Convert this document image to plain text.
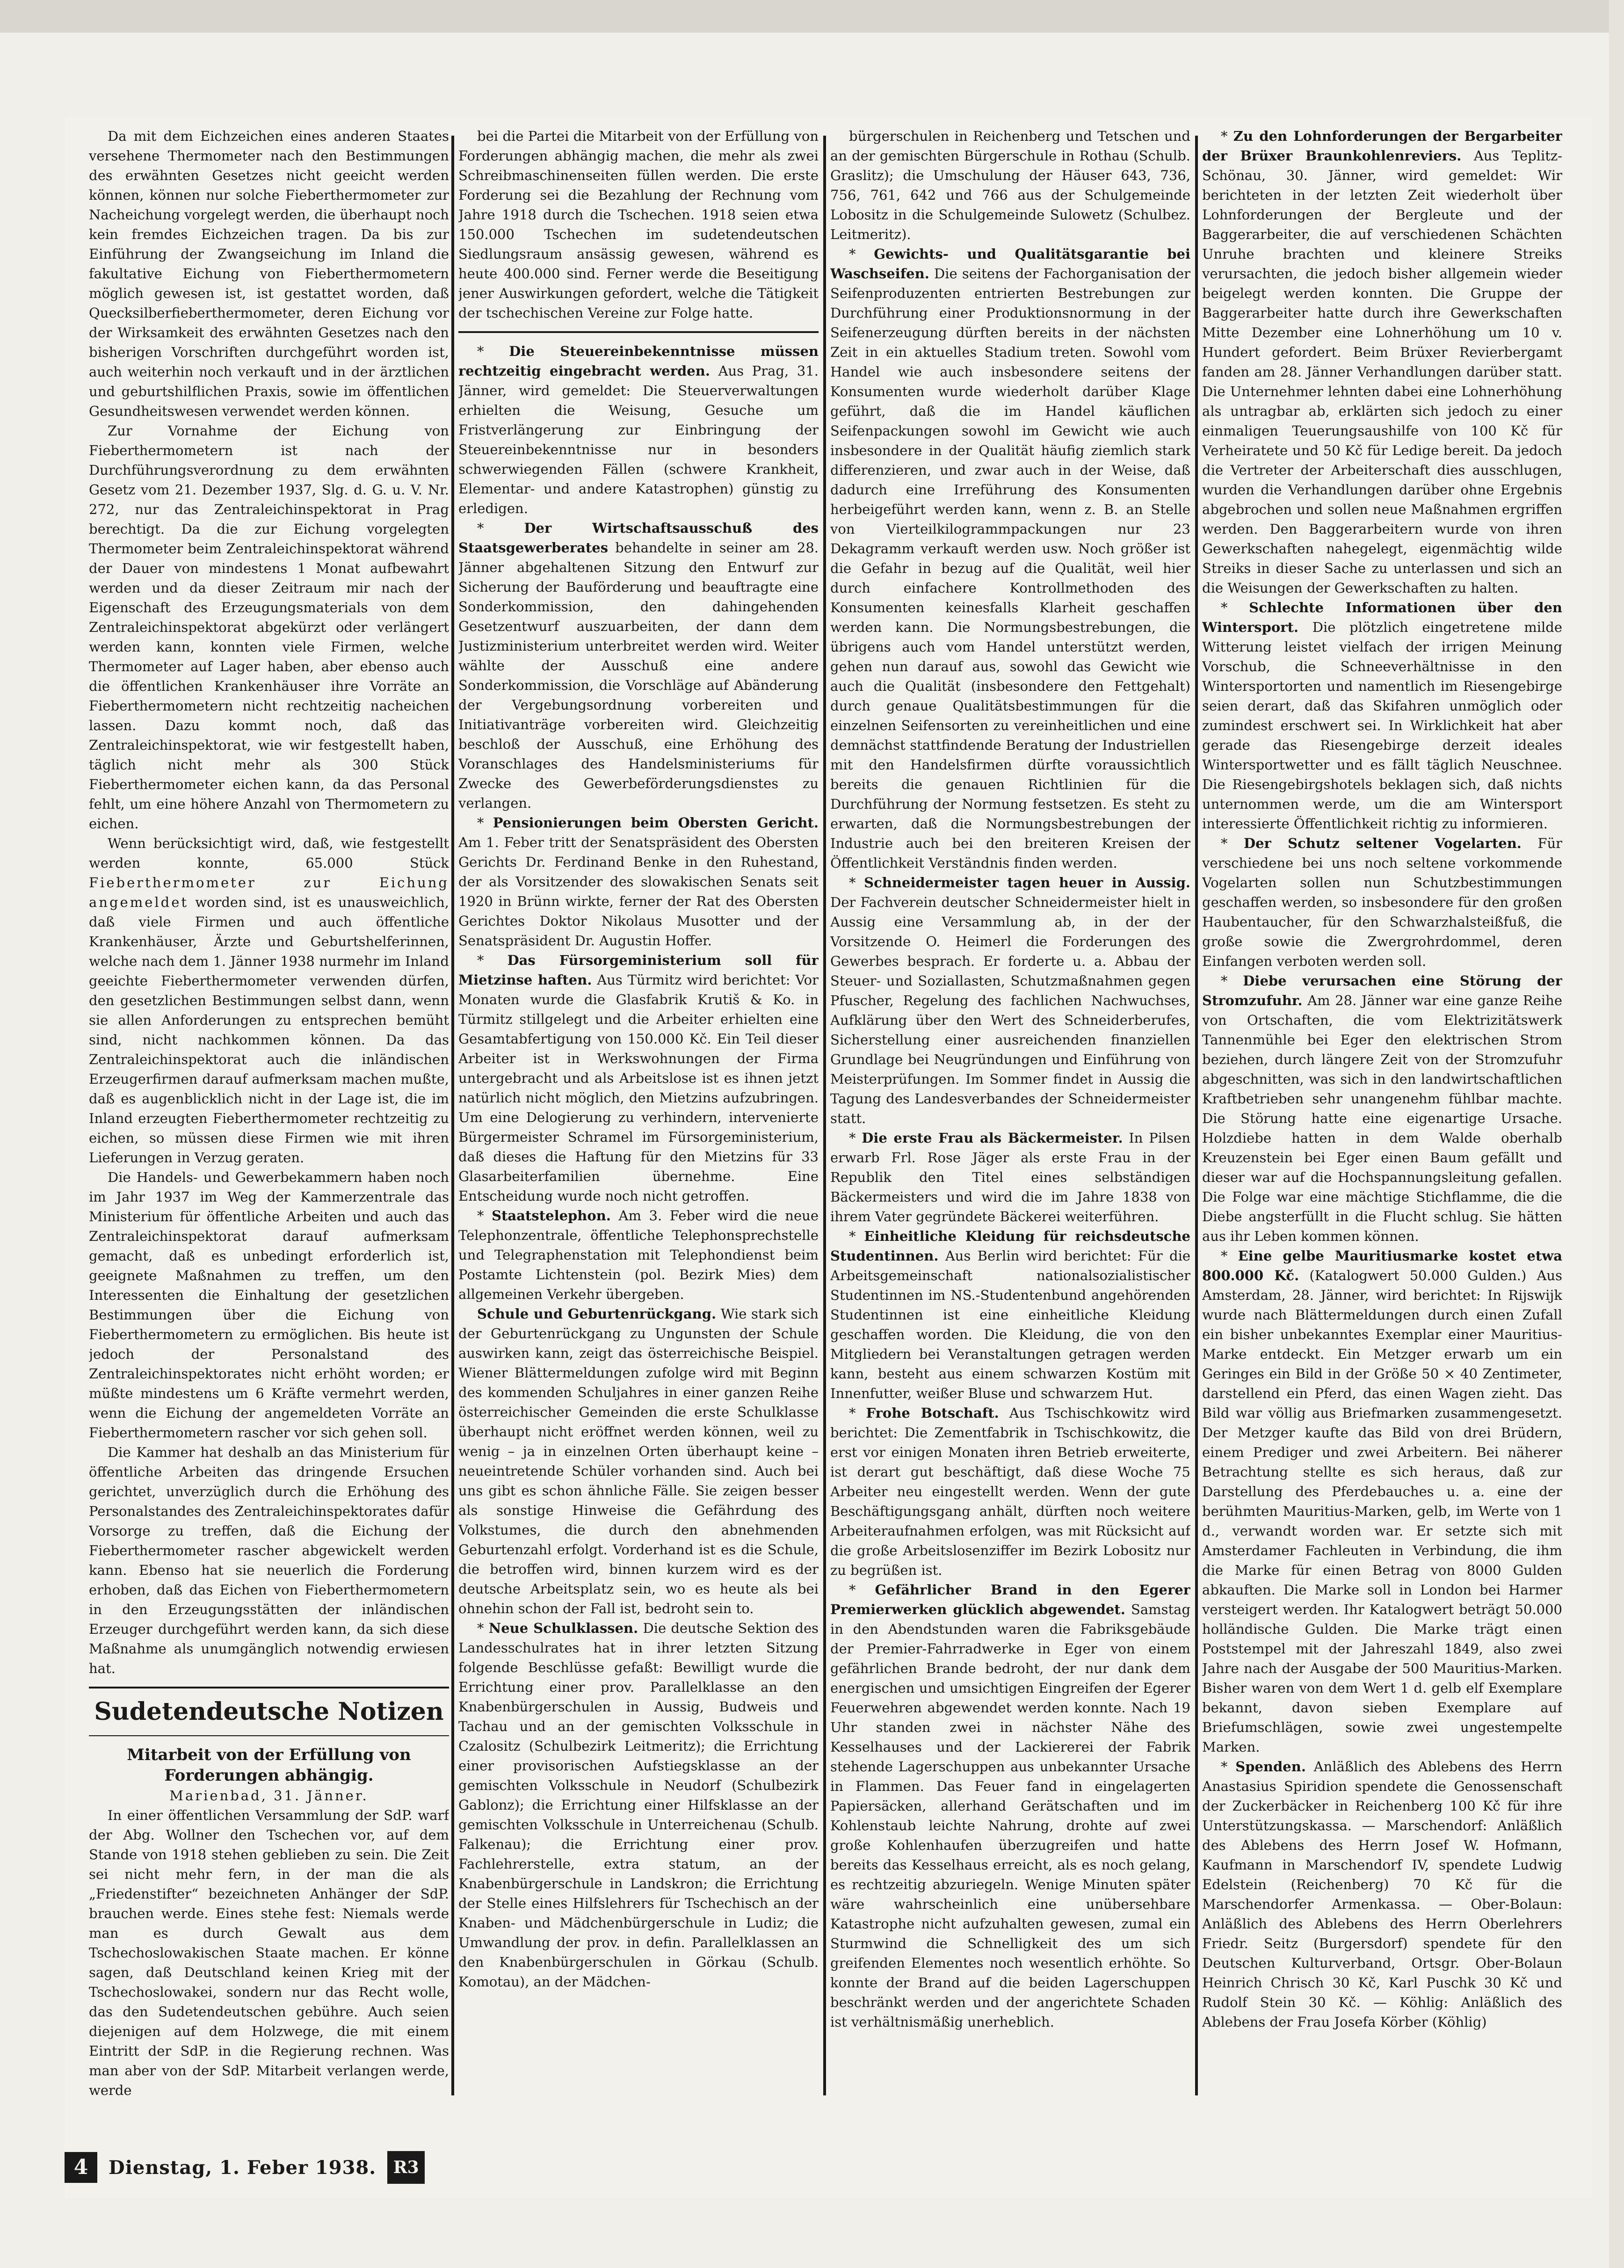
Da mit dem Eichzeichen eines anderen Staates versehene Thermometer nach den Bestimmungen des erwähnten Gesetzes nicht geeicht werden können, können nur solche Fieberthermometer zur Nacheichung vorgelegt werden, die überhaupt noch kein fremdes Eichzeichen tragen. Da bis zur Einführung der Zwangseichung im Inland die fakultative Eichung von Fieberthermometern möglich gewesen ist, ist gestattet worden, daß Quecksilberfieberthermometer, deren Eichung vor der Wirksamkeit des erwähnten Gesetzes nach den bisherigen Vorschriften durchgeführt worden ist, auch weiterhin noch verkauft und in der ärztlichen und geburtshilflichen Praxis, sowie im öffentlichen Gesundheitswesen verwendet werden können.

Zur Vornahme der Eichung von Fieberthermometern ist nach der Durchführungsverordnung zu dem erwähnten Gesetz vom 21. Dezember 1937, Slg. d. G. u. V. Nr. 272, nur das Zentraleichinspektorat in Prag berechtigt. Da die zur Eichung vorgelegten Thermometer beim Zentraleichinspektorat während der Dauer von mindestens 1 Monat aufbewahrt werden und da dieser Zeitraum mir nach der Eigenschaft des Erzeugungsmaterials von dem Zentraleichinspektorat abgekürzt oder verlängert werden kann, konnten viele Firmen, welche Thermometer auf Lager haben, aber ebenso auch die öffentlichen Krankenhäuser ihre Vorräte an Fieberthermometern nicht rechtzeitig nacheichen lassen. Dazu kommt noch, daß das Zentraleichinspektorat, wie wir festgestellt haben, täglich nicht mehr als 300 Stück Fieberthermometer eichen kann, da das Personal fehlt, um eine höhere Anzahl von Thermometern zu eichen.

Wenn berücksichtigt wird, daß, wie festgestellt werden konnte, 65.000 Stück Fieberthermometer zur Eichung angemeldet worden sind, ist es unausweichlich, daß viele Firmen und auch öffentliche Krankenhäuser, Ärzte und Geburtshelferinnen, welche nach dem 1. Jänner 1938 nurmehr im Inland geeichte Fieberthermometer verwenden dürfen, den gesetzlichen Bestimmungen selbst dann, wenn sie allen Anforderungen zu entsprechen bemüht sind, nicht nachkommen können. Da das Zentraleichinspektorat auch die inländischen Erzeugerfirmen darauf aufmerksam machen mußte, daß es augenblicklich nicht in der Lage ist, die im Inland erzeugten Fieberthermometer rechtzeitig zu eichen, so müssen diese Firmen wie mit ihren Lieferungen in Verzug geraten.

Die Handels- und Gewerbekammern haben noch im Jahr 1937 im Weg der Kammerzentrale das Ministerium für öffentliche Arbeiten und auch das Zentraleichinspektorat darauf aufmerksam gemacht, daß es unbedingt erforderlich ist, geeignete Maßnahmen zu treffen, um den Interessenten die Einhaltung der gesetzlichen Bestimmungen über die Eichung von Fieberthermometern zu ermöglichen. Bis heute ist jedoch der Personalstand des Zentraleichinspektorates nicht erhöht worden; er müßte mindestens um 6 Kräfte vermehrt werden, wenn die Eichung der angemeldeten Vorräte an Fieberthermometern rascher vor sich gehen soll.

Die Kammer hat deshalb an das Ministerium für öffentliche Arbeiten das dringende Ersuchen gerichtet, unverzüglich durch die Erhöhung des Personalstandes des Zentraleichinspektorates dafür Vorsorge zu treffen, daß die Eichung der Fieberthermometer rascher abgewickelt werden kann. Ebenso hat sie neuerlich die Forderung erhoben, daß das Eichen von Fieberthermometern in den Erzeugungsstätten der inländischen Erzeuger durchgeführt werden kann, da sich diese Maßnahme als unumgänglich notwendig erwiesen hat.

Sudetendeutsche Notizen

Mitarbeit von der Erfüllung von Forderungen abhängig.

Marienbad, 31. Jänner.

In einer öffentlichen Versammlung der SdP. warf der Abg. Wollner den Tschechen vor, auf dem Stande von 1918 stehen geblieben zu sein. Die Zeit sei nicht mehr fern, in der man die als „Friedenstifter“ bezeichneten Anhänger der SdP. brauchen werde. Eines stehe fest: Niemals werde man es durch Gewalt aus dem Tschechoslowakischen Staate machen. Er könne sagen, daß Deutschland keinen Krieg mit der Tschechoslowakei, sondern nur das Recht wolle, das den Sudetendeutschen gebühre. Auch seien diejenigen auf dem Holzwege, die mit einem Eintritt der SdP. in die Regierung rechnen. Was man aber von der SdP. Mitarbeit verlangen werde, werde

bei die Partei die Mitarbeit von der Erfüllung von Forderungen abhängig machen, die mehr als zwei Schreibmaschinenseiten füllen werden. Die erste Forderung sei die Bezahlung der Rechnung vom Jahre 1918 durch die Tschechen. 1918 seien etwa 150.000 Tschechen im sudetendeutschen Siedlungsraum ansässig gewesen, während es heute 400.000 sind. Ferner werde die Beseitigung jener Auswirkungen gefordert, welche die Tätigkeit der tschechischen Vereine zur Folge hatte.

* Die Steuereinbekenntnisse müssen rechtzeitig eingebracht werden. Aus Prag, 31. Jänner, wird gemeldet: Die Steuerverwaltungen erhielten die Weisung, Gesuche um Fristverlängerung zur Einbringung der Steuereinbekenntnisse nur in besonders schwerwiegenden Fällen (schwere Krankheit, Elementar- und andere Katastrophen) günstig zu erledigen.

* Der Wirtschaftsausschuß des Staatsgewerberates behandelte in seiner am 28. Jänner abgehaltenen Sitzung den Entwurf zur Sicherung der Bauförderung und beauftragte eine Sonderkommission, den dahingehenden Gesetzentwurf auszuarbeiten, der dann dem Justizministerium unterbreitet werden wird. Weiter wählte der Ausschuß eine andere Sonderkommission, die Vorschläge auf Abänderung der Vergebungsordnung vorbereiten und Initiativanträge vorbereiten wird. Gleichzeitig beschloß der Ausschuß, eine Erhöhung des Voranschlages des Handelsministeriums für Zwecke des Gewerbeförderungsdienstes zu verlangen.

* Pensionierungen beim Obersten Gericht. Am 1. Feber tritt der Senatspräsident des Obersten Gerichts Dr. Ferdinand Benke in den Ruhestand, der als Vorsitzender des slowakischen Senats seit 1920 in Brünn wirkte, ferner der Rat des Obersten Gerichtes Doktor Nikolaus Musotter und der Senatspräsident Dr. Augustin Hoffer.

* Das Fürsorgeministerium soll für Mietzinse haften. Aus Türmitz wird berichtet: Vor Monaten wurde die Glasfabrik Krutiš & Ko. in Türmitz stillgelegt und die Arbeiter erhielten eine Gesamtabfertigung von 150.000 Kč. Ein Teil dieser Arbeiter ist in Werkswohnungen der Firma untergebracht und als Arbeitslose ist es ihnen jetzt natürlich nicht möglich, den Mietzins aufzubringen. Um eine Delogierung zu verhindern, intervenierte Bürgermeister Schramel im Fürsorgeministerium, daß dieses die Haftung für den Mietzins für 33 Glasarbeiterfamilien übernehme. Eine Entscheidung wurde noch nicht getroffen.

* Staatstelephon. Am 3. Feber wird die neue Telephonzentrale, öffentliche Telephonsprechstelle und Telegraphenstation mit Telephondienst beim Postamte Lichtenstein (pol. Bezirk Mies) dem allgemeinen Verkehr übergeben.

Schule und Geburtenrückgang. Wie stark sich der Geburtenrückgang zu Ungunsten der Schule auswirken kann, zeigt das österreichische Beispiel. Wiener Blättermeldungen zufolge wird mit Beginn des kommenden Schuljahres in einer ganzen Reihe österreichischer Gemeinden die erste Schulklasse überhaupt nicht eröffnet werden können, weil zu wenig – ja in einzelnen Orten überhaupt keine – neueintretende Schüler vorhanden sind. Auch bei uns gibt es schon ähnliche Fälle. Sie zeigen besser als sonstige Hinweise die Gefährdung des Volkstumes, die durch den abnehmenden Geburtenzahl erfolgt. Vorderhand ist es die Schule, die betroffen wird, binnen kurzem wird es der deutsche Arbeitsplatz sein, wo es heute als bei ohnehin schon der Fall ist, bedroht sein to.

* Neue Schulklassen. Die deutsche Sektion des Landesschulrates hat in ihrer letzten Sitzung folgende Beschlüsse gefaßt: Bewilligt wurde die Errichtung einer prov. Parallelklasse an den Knabenbürgerschulen in Aussig, Budweis und Tachau und an der gemischten Volksschule in Czalositz (Schulbezirk Leitmeritz); die Errichtung einer provisorischen Aufstiegsklasse an der gemischten Volksschule in Neudorf (Schulbezirk Gablonz); die Errichtung einer Hilfsklasse an der gemischten Volksschule in Unterreichenau (Schulb. Falkenau); die Errichtung einer prov. Fachlehrerstelle, extra statum, an der Knabenbürgerschule in Landskron; die Errichtung der Stelle eines Hilfslehrers für Tschechisch an der Knaben- und Mädchenbürgerschule in Ludiz; die Umwandlung der prov. in defin. Parallelklassen an den Knabenbürgerschulen in Görkau (Schulb. Komotau), an der Mädchen-

bürgerschulen in Reichenberg und Tetschen und an der gemischten Bürgerschule in Rothau (Schulb. Graslitz); die Umschulung der Häuser 643, 736, 756, 761, 642 und 766 aus der Schulgemeinde Lobositz in die Schulgemeinde Sulowetz (Schulbez. Leitmeritz).

* Gewichts- und Qualitätsgarantie bei Waschseifen. Die seitens der Fachorganisation der Seifenproduzenten entrierten Bestrebungen zur Durchführung einer Produktionsnormung in der Seifenerzeugung dürften bereits in der nächsten Zeit in ein aktuelles Stadium treten. Sowohl vom Handel wie auch insbesondere seitens der Konsumenten wurde wiederholt darüber Klage geführt, daß die im Handel käuflichen Seifenpackungen sowohl im Gewicht wie auch insbesondere in der Qualität häufig ziemlich stark differenzieren, und zwar auch in der Weise, daß dadurch eine Irreführung des Konsumenten herbeigeführt werden kann, wenn z. B. an Stelle von Vierteilkilogrammpackungen nur 23 Dekagramm verkauft werden usw. Noch größer ist die Gefahr in bezug auf die Qualität, weil hier durch einfachere Kontrollmethoden des Konsumenten keinesfalls Klarheit geschaffen werden kann. Die Normungsbestrebungen, die übrigens auch vom Handel unterstützt werden, gehen nun darauf aus, sowohl das Gewicht wie auch die Qualität (insbesondere den Fettgehalt) durch genaue Qualitätsbestimmungen für die einzelnen Seifensorten zu vereinheitlichen und eine demnächst stattfindende Beratung der Industriellen mit den Handelsfirmen dürfte voraussichtlich bereits die genauen Richtlinien für die Durchführung der Normung festsetzen. Es steht zu erwarten, daß die Normungsbestrebungen der Industrie auch bei den breiteren Kreisen der Öffentlichkeit Verständnis finden werden.

* Schneidermeister tagen heuer in Aussig. Der Fachverein deutscher Schneidermeister hielt in Aussig eine Versammlung ab, in der der Vorsitzende O. Heimerl die Forderungen des Gewerbes besprach. Er forderte u. a. Abbau der Steuer- und Soziallasten, Schutzmaßnahmen gegen Pfuscher, Regelung des fachlichen Nachwuchses, Aufklärung über den Wert des Schneiderberufes, Sicherstellung einer ausreichenden finanziellen Grundlage bei Neugründungen und Einführung von Meisterprüfungen. Im Sommer findet in Aussig die Tagung des Landesverbandes der Schneidermeister statt.

* Die erste Frau als Bäckermeister. In Pilsen erwarb Frl. Rose Jäger als erste Frau in der Republik den Titel eines selbständigen Bäckermeisters und wird die im Jahre 1838 von ihrem Vater gegründete Bäckerei weiterführen.

* Einheitliche Kleidung für reichsdeutsche Studentinnen. Aus Berlin wird berichtet: Für die Arbeitsgemeinschaft nationalsozialistischer Studentinnen im NS.-Studentenbund angehörenden Studentinnen ist eine einheitliche Kleidung geschaffen worden. Die Kleidung, die von den Mitgliedern bei Veranstaltungen getragen werden kann, besteht aus einem schwarzen Kostüm mit Innenfutter, weißer Bluse und schwarzem Hut.

* Frohe Botschaft. Aus Tschischkowitz wird berichtet: Die Zementfabrik in Tschischkowitz, die erst vor einigen Monaten ihren Betrieb erweiterte, ist derart gut beschäftigt, daß diese Woche 75 Arbeiter neu eingestellt werden. Wenn der gute Beschäftigungsgang anhält, dürften noch weitere Arbeiteraufnahmen erfolgen, was mit Rücksicht auf die große Arbeitslosenziffer im Bezirk Lobositz nur zu begrüßen ist.

* Gefährlicher Brand in den Egerer Premierwerken glücklich abgewendet. Samstag in den Abendstunden waren die Fabriksgebäude der Premier-Fahrradwerke in Eger von einem gefährlichen Brande bedroht, der nur dank dem energischen und umsichtigen Eingreifen der Egerer Feuerwehren abgewendet werden konnte. Nach 19 Uhr standen zwei in nächster Nähe des Kesselhauses und der Lackiererei der Fabrik stehende Lagerschuppen aus unbekannter Ursache in Flammen. Das Feuer fand in eingelagerten Papiersäcken, allerhand Gerätschaften und im Kohlenstaub leichte Nahrung, drohte auf zwei große Kohlenhaufen überzugreifen und hatte bereits das Kesselhaus erreicht, als es noch gelang, es rechtzeitig abzuriegeln. Wenige Minuten später wäre wahrscheinlich eine unübersehbare Katastrophe nicht aufzuhalten gewesen, zumal ein Sturmwind die Schnelligkeit des um sich greifenden Elementes noch wesentlich erhöhte. So konnte der Brand auf die beiden Lagerschuppen beschränkt werden und der angerichtete Schaden ist verhältnismäßig unerheblich.

* Zu den Lohnforderungen der Bergarbeiter der Brüxer Braunkohlenreviers. Aus Teplitz-Schönau, 30. Jänner, wird gemeldet: Wir berichteten in der letzten Zeit wiederholt über Lohnforderungen der Bergleute und der Baggerarbeiter, die auf verschiedenen Schächten Unruhe brachten und kleinere Streiks verursachten, die jedoch bisher allgemein wieder beigelegt werden konnten. Die Gruppe der Baggerarbeiter hatte durch ihre Gewerkschaften Mitte Dezember eine Lohnerhöhung um 10 v. Hundert gefordert. Beim Brüxer Revierbergamt fanden am 28. Jänner Verhandlungen darüber statt. Die Unternehmer lehnten dabei eine Lohnerhöhung als untragbar ab, erklärten sich jedoch zu einer einmaligen Teuerungsaushilfe von 100 Kč für Verheiratete und 50 Kč für Ledige bereit. Da jedoch die Vertreter der Arbeiterschaft dies ausschlugen, wurden die Verhandlungen darüber ohne Ergebnis abgebrochen und sollen neue Maßnahmen ergriffen werden. Den Baggerarbeitern wurde von ihren Gewerkschaften nahegelegt, eigenmächtig wilde Streiks in dieser Sache zu unterlassen und sich an die Weisungen der Gewerkschaften zu halten.

* Schlechte Informationen über den Wintersport. Die plötzlich eingetretene milde Witterung leistet vielfach der irrigen Meinung Vorschub, die Schneeverhältnisse in den Wintersportorten und namentlich im Riesengebirge seien derart, daß das Skifahren unmöglich oder zumindest erschwert sei. In Wirklichkeit hat aber gerade das Riesengebirge derzeit ideales Wintersportwetter und es fällt täglich Neuschnee. Die Riesengebirgshotels beklagen sich, daß nichts unternommen werde, um die am Wintersport interessierte Öffentlichkeit richtig zu informieren.

* Der Schutz seltener Vogelarten. Für verschiedene bei uns noch seltene vorkommende Vogelarten sollen nun Schutzbestimmungen geschaffen werden, so insbesondere für den großen Haubentaucher, für den Schwarzhalsteißfuß, die große sowie die Zwergrohrdommel, deren Einfangen verboten werden soll.

* Diebe verursachen eine Störung der Stromzufuhr. Am 28. Jänner war eine ganze Reihe von Ortschaften, die vom Elektrizitätswerk Tannenmühle bei Eger den elektrischen Strom beziehen, durch längere Zeit von der Stromzufuhr abgeschnitten, was sich in den landwirtschaftlichen Kraftbetrieben sehr unangenehm fühlbar machte. Die Störung hatte eine eigenartige Ursache. Holzdiebe hatten in dem Walde oberhalb Kreuzenstein bei Eger einen Baum gefällt und dieser war auf die Hochspannungsleitung gefallen. Die Folge war eine mächtige Stichflamme, die die Diebe angsterfüllt in die Flucht schlug. Sie hätten aus ihr Leben kommen können.

* Eine gelbe Mauritiusmarke kostet etwa 800.000 Kč. (Katalogwert 50.000 Gulden.) Aus Amsterdam, 28. Jänner, wird berichtet: In Rijswijk wurde nach Blättermeldungen durch einen Zufall ein bisher unbekanntes Exemplar einer Mauritius-Marke entdeckt. Ein Metzger erwarb um ein Geringes ein Bild in der Größe 50 × 40 Zentimeter, darstellend ein Pferd, das einen Wagen zieht. Das Bild war völlig aus Briefmarken zusammengesetzt. Der Metzger kaufte das Bild von drei Brüdern, einem Prediger und zwei Arbeitern. Bei näherer Betrachtung stellte es sich heraus, daß zur Darstellung des Pferdebauches u. a. eine der berühmten Mauritius-Marken, gelb, im Werte von 1 d., verwandt worden war. Er setzte sich mit Amsterdamer Fachleuten in Verbindung, die ihm die Marke für einen Betrag von 8000 Gulden abkauften. Die Marke soll in London bei Harmer versteigert werden. Ihr Katalogwert beträgt 50.000 holländische Gulden. Die Marke trägt einen Poststempel mit der Jahreszahl 1849, also zwei Jahre nach der Ausgabe der 500 Mauritius-Marken. Bisher waren von dem Wert 1 d. gelb elf Exemplare bekannt, davon sieben Exemplare auf Briefumschlägen, sowie zwei ungestempelte Marken.

* Spenden. Anläßlich des Ablebens des Herrn Anastasius Spiridion spendete die Genossenschaft der Zuckerbäcker in Reichenberg 100 Kč für ihre Unterstützungskassa. — Marschendorf: Anläßlich des Ablebens des Herrn Josef W. Hofmann, Kaufmann in Marschendorf IV, spendete Ludwig Edelstein (Reichenberg) 70 Kč für die Marschendorfer Armenkassa. — Ober-Bolaun: Anläßlich des Ablebens des Herrn Oberlehrers Friedr. Seitz (Burgersdorf) spendete für den Deutschen Kulturverband, Ortsgr. Ober-Bolaun Heinrich Chrisch 30 Kč, Karl Puschk 30 Kč und Rudolf Stein 30 Kč. — Köhlig: Anläßlich des Ablebens der Frau Josefa Körber (Köhlig)

4	Dienstag, 1. Feber 1938.	R3
